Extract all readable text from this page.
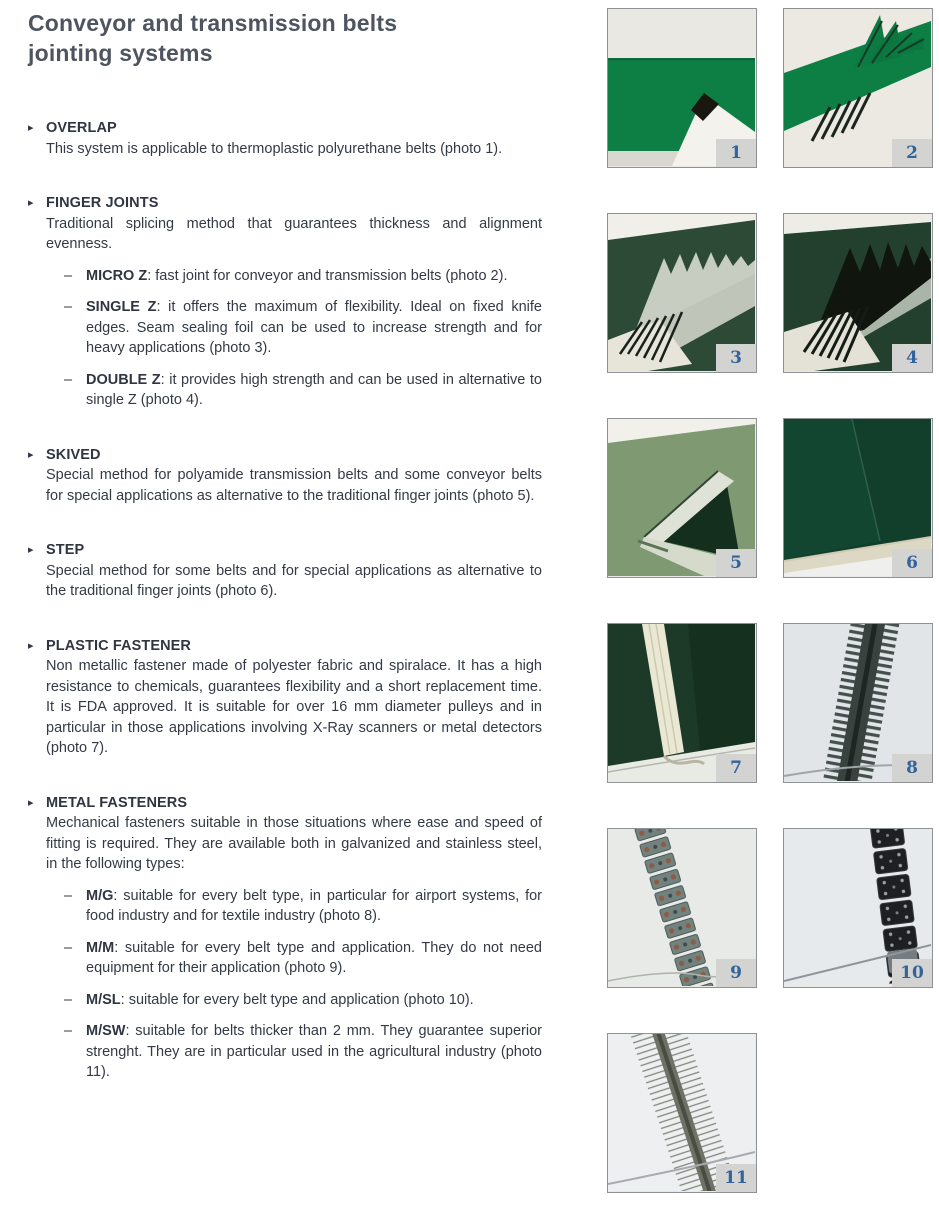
Conveyor and transmission belts
jointing systems
▸ OVERLAP
This system is applicable to thermoplastic polyurethane belts (photo 1).
▸ FINGER JOINTS
Traditional splicing method that guarantees thickness and alignment evenness.
– MICRO Z: fast joint for conveyor and transmission belts (photo 2).
– SINGLE Z: it offers the maximum of flexibility. Ideal on fixed knife edges. Seam sealing foil can be used to increase strength and for heavy applications (photo 3).
– DOUBLE Z: it provides high strength and can be used in alternative to single Z (photo 4).
▸ SKIVED
Special method for polyamide transmission belts and some conveyor belts for special applications as alternative to the traditional finger joints (photo 5).
▸ STEP
Special method for some belts and for special applications as alternative to the traditional finger joints (photo 6).
▸ PLASTIC FASTENER
Non metallic fastener made of polyester fabric and spiralace. It has a high resistance to chemicals, guarantees flexibility and a short replacement time. It is FDA approved. It is suitable for over 16 mm diameter pulleys and in particular in those applications involving X-Ray scanners or metal detectors (photo 7).
▸ METAL FASTENERS
Mechanical fasteners suitable in those situations where ease and speed of fitting is required. They are available both in galvanized and stainless steel, in the following types:
– M/G: suitable for every belt type, in particular for airport systems, for food industry and for textile industry (photo 8).
– M/M: suitable for every belt type and application. They do not need equipment for their application (photo 9).
– M/SL: suitable for every belt type and application (photo 10).
– M/SW: suitable for belts thicker than 2 mm. They guarantee superior strenght. They are in particular used in the agricultural industry (photo 11).
1	2
3	4
5	6
7	8
9	10
11
